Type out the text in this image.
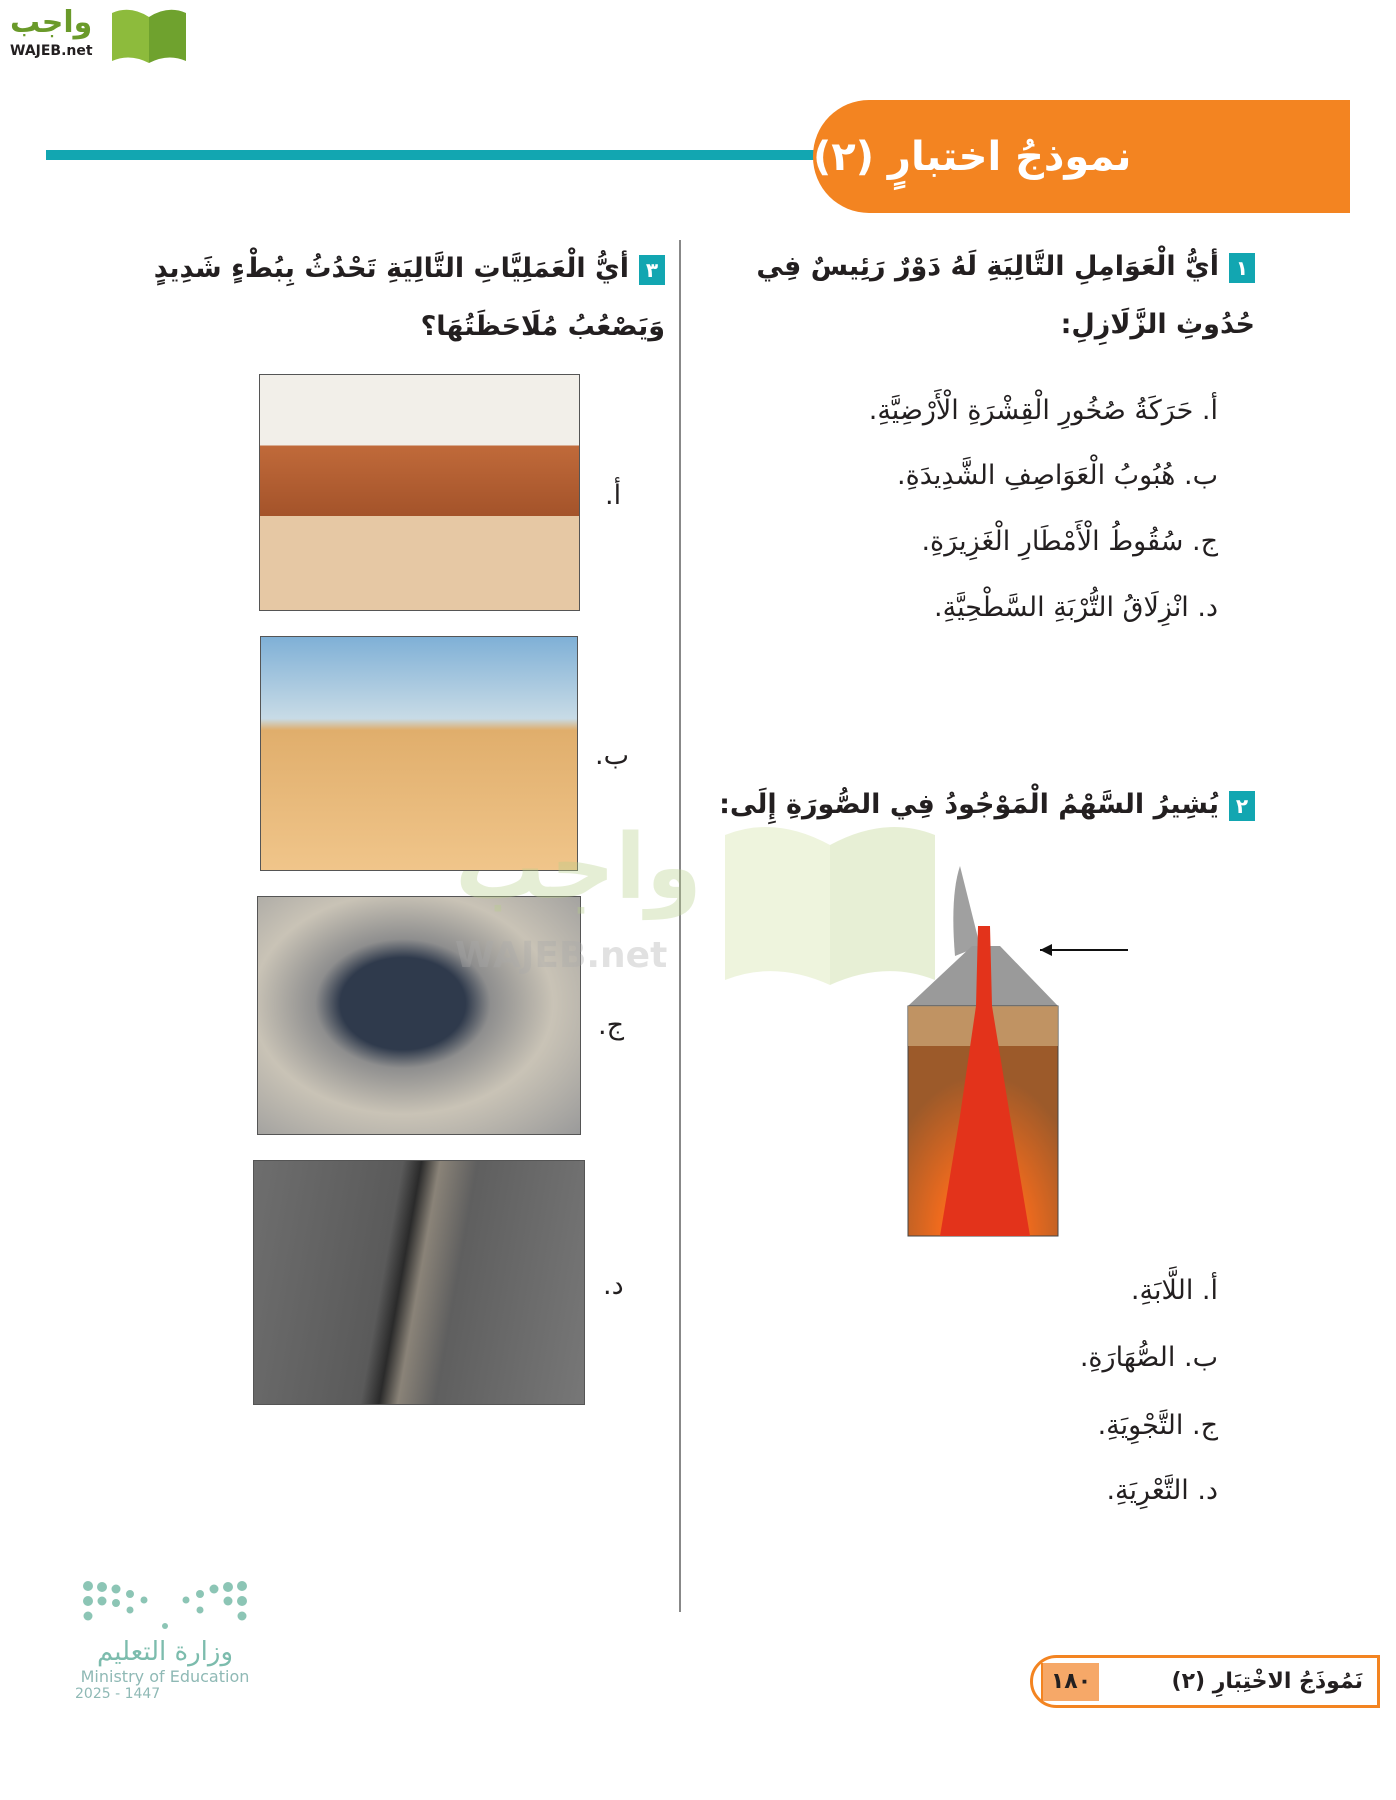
واجب
WAJEB.net
نموذجُ اختبارٍ (٢)
١أيُّ الْعَوَامِلِ التَّالِيَةِ لَهُ دَوْرٌ رَئِيسٌ فِي حُدُوثِ الزَّلَازِلِ:
أ. حَرَكَةُ صُخُورِ الْقِشْرَةِ الْأَرْضِيَّةِ.
ب. هُبُوبُ الْعَوَاصِفِ الشَّدِيدَةِ.
ج. سُقُوطُ الْأَمْطَارِ الْغَزِيرَةِ.
د. انْزِلَاقُ التُّرْبَةِ السَّطْحِيَّةِ.
٢يُشِيرُ السَّهْمُ الْمَوْجُودُ فِي الصُّورَةِ إِلَى:
أ. اللَّابَةِ.
ب. الصُّهَارَةِ.
ج. التَّجْوِيَةِ.
د. التَّعْرِيَةِ.
٣أيُّ الْعَمَلِيَّاتِ التَّالِيَةِ تَحْدُثُ بِبُطْءٍ شَدِيدٍ وَيَصْعُبُ مُلَاحَظَتُهَا؟
أ.
ب.
ج.
د.
واجب
WAJEB.net
وزارة التعليم
Ministry of Education
2025 - 1447	نَمُوذَجُ الاخْتِبَارِ (٢)
١٨٠
